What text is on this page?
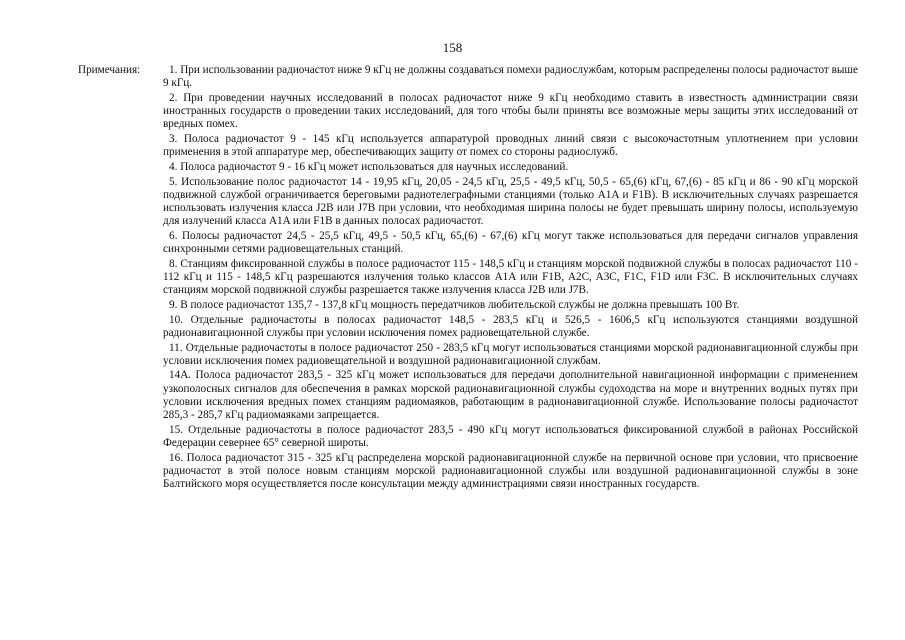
158
Примечания:	1. При использовании радиочастот ниже 9 кГц не должны создаваться помехи радиослужбам, которым распределены полосы радиочастот выше 9 кГц.

2. При проведении научных исследований в полосах радиочастот ниже 9 кГц необходимо ставить в известность администрации связи иностранных государств о проведении таких исследований, для того чтобы были приняты все возможные меры защиты этих исследований от вредных помех.

3. Полоса радиочастот 9 - 145 кГц используется аппаратурой проводных линий связи с высокочастотным уплотнением при условии применения в этой аппаратуре мер, обеспечивающих защиту от помех со стороны радиослужб.

4. Полоса радиочастот 9 - 16 кГц может использоваться для научных исследований.

5. Использование полос радиочастот 14 - 19,95 кГц, 20,05 - 24,5 кГц, 25,5 - 49,5 кГц, 50,5 - 65,(6) кГц, 67,(6) - 85 кГц и 86 - 90 кГц морской подвижной службой ограничивается береговыми радиотелеграфными станциями (только A1A и F1B). В исключительных случаях разрешается использовать излучения класса J2B или J7B при условии, что необходимая ширина полосы не будет превышать ширину полосы, используемую для излучений класса A1A или F1B в данных полосах радиочастот.

6. Полосы радиочастот 24,5 - 25,5 кГц, 49,5 - 50,5 кГц, 65,(6) - 67,(6) кГц могут также использоваться для передачи сигналов управления синхронными сетями радиовещательных станций.

8. Станциям фиксированной службы в полосе радиочастот 115 - 148,5 кГц и станциям морской подвижной службы в полосах радиочастот 110 - 112 кГц и 115 - 148,5 кГц разрешаются излучения только классов A1A или F1B, A2C, A3C, F1C, F1D или F3C. В исключительных случаях станциям морской подвижной службы разрешается также излучения класса J2B или J7B.

9. В полосе радиочастот 135,7 - 137,8 кГц мощность передатчиков любительской службы не должна превышать 100 Вт.

10. Отдельные радиочастоты в полосах радиочастот 148,5 - 283,5 кГц и 526,5 - 1606,5 кГц используются станциями воздушной радионавигационной службы при условии исключения помех радиовещательной службе.

11. Отдельные радиочастоты в полосе радиочастот 250 - 283,5 кГц могут использоваться станциями морской радионавигационной службы при условии исключения помех радиовещательной и воздушной радионавигационной службам.

14А. Полоса радиочастот 283,5 - 325 кГц может использоваться для передачи дополнительной навигационной информации с применением узкополосных сигналов для обеспечения в рамках морской радионавигационной службы судоходства на море и внутренних водных путях при условии исключения вредных помех станциям радиомаяков, работающим в радионавигационной службе. Использование полосы радиочастот 285,3 - 285,7 кГц радиомаяками запрещается.

15. Отдельные радиочастоты в полосе радиочастот 283,5 - 490 кГц могут использоваться фиксированной службой в районах Российской Федерации севернее 65° северной широты.

16. Полоса радиочастот 315 - 325 кГц распределена морской радионавигационной службе на первичной основе при условии, что присвоение радиочастот в этой полосе новым станциям морской радионавигационной службы или воздушной радионавигационной службы в зоне Балтийского моря осуществляется после консультации между администрациями связи иностранных государств.
